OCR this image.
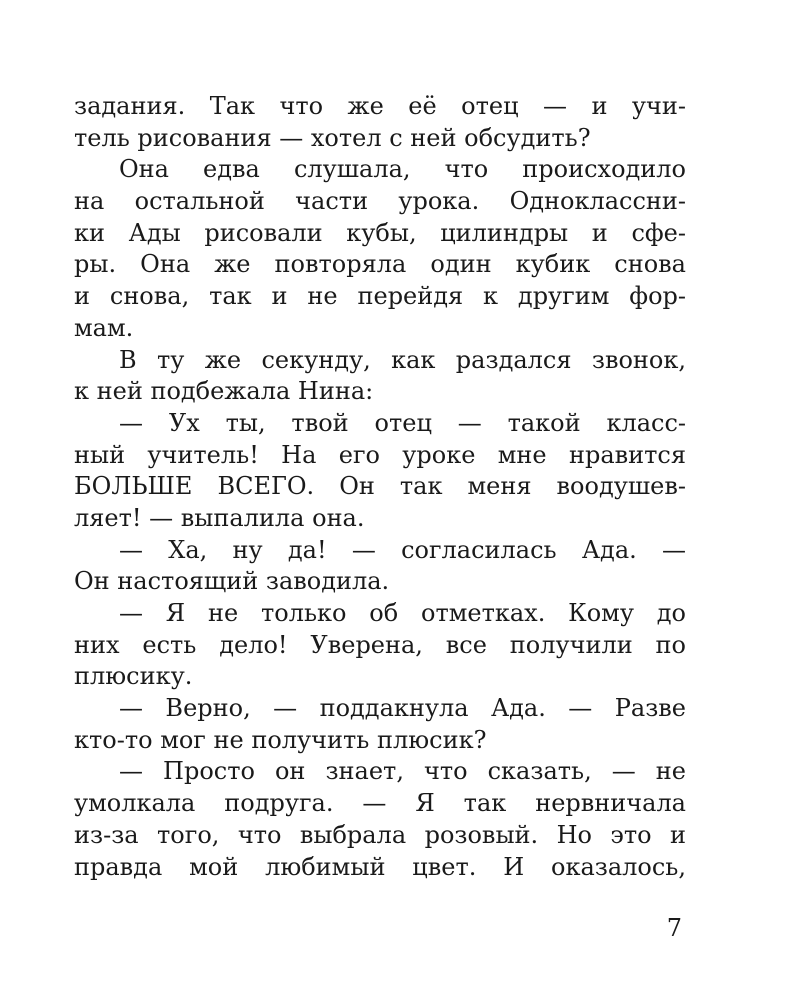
задания. Так что же её отец — и учи-
тель рисования — хотел с ней обсудить?
Она едва слушала, что происходило
на остальной части урока. Одноклассни-
ки Ады рисовали кубы, цилиндры и сфе-
ры. Она же повторяла один кубик снова
и снова, так и не перейдя к другим фор-
мам.
В ту же секунду, как раздался звонок,
к ней подбежала Нина:
— Ух ты, твой отец — такой класс-
ный учитель! На его уроке мне нравится
БОЛЬШЕ ВСЕГО. Он так меня воодушев-
ляет! — выпалила она.
— Ха, ну да! — согласилась Ада. —
Он настоящий заводила.
— Я не только об отметках. Кому до
них есть дело! Уверена, все получили по
плюсику.
— Верно, — поддакнула Ада. — Разве
кто-то мог не получить плюсик?
— Просто он знает, что сказать, — не
умолкала подруга. — Я так нервничала
из-за того, что выбрала розовый. Но это и
правда мой любимый цвет. И оказалось,
7
